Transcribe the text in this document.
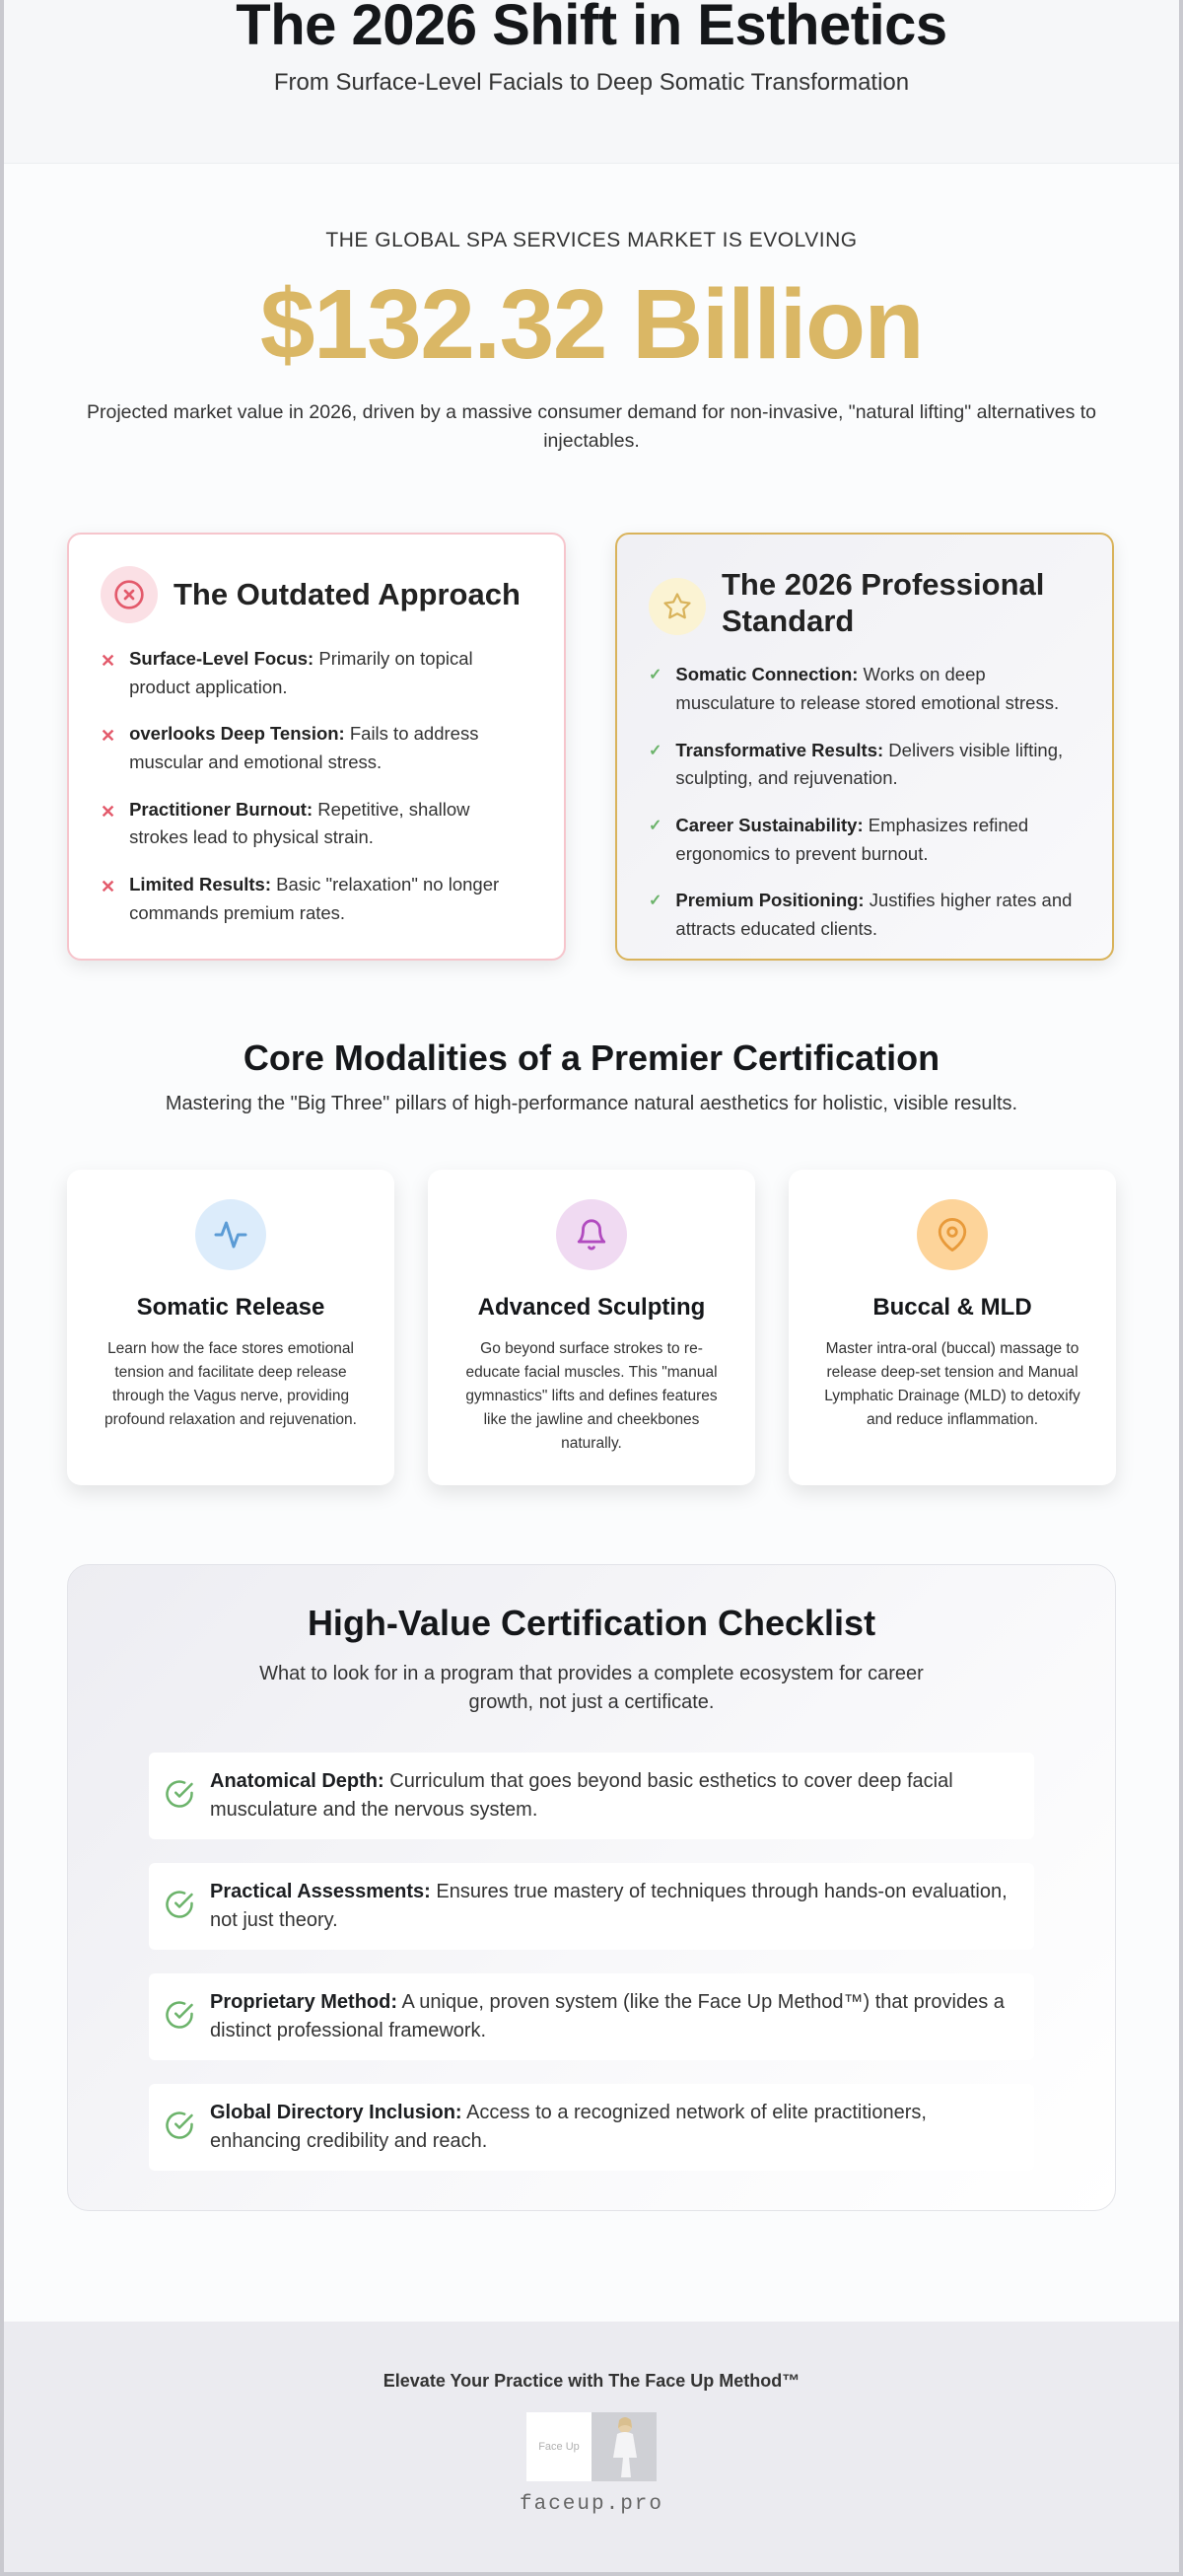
The 2026 Shift in Esthetics

From Surface-Level Facials to Deep Somatic Transformation

THE GLOBAL SPA SERVICES MARKET IS EVOLVING

$132.32 Billion

Projected market value in 2026, driven by a massive consumer demand for non-invasive, "natural lifting" alternatives to injectables.

The Outdated Approach
✕ Surface-Level Focus: Primarily on topical product application.
✕ overlooks Deep Tension: Fails to address muscular and emotional stress.
✕ Practitioner Burnout: Repetitive, shallow strokes lead to physical strain.
✕ Limited Results: Basic "relaxation" no longer commands premium rates.
The 2026 Professional Standard
✓ Somatic Connection: Works on deep musculature to release stored emotional stress.
✓ Transformative Results: Delivers visible lifting, sculpting, and rejuvenation.
✓ Career Sustainability: Emphasizes refined ergonomics to prevent burnout.
✓ Premium Positioning: Justifies higher rates and attracts educated clients.
Core Modalities of a Premier Certification

Mastering the "Big Three" pillars of high-performance natural aesthetics for holistic, visible results.

Somatic Release

Learn how the face stores emotional tension and facilitate deep release through the Vagus nerve, providing profound relaxation and rejuvenation.

Advanced Sculpting

Go beyond surface strokes to re-educate facial muscles. This "manual gymnastics" lifts and defines features like the jawline and cheekbones naturally.

Buccal & MLD

Master intra-oral (buccal) massage to release deep-set tension and Manual Lymphatic Drainage (MLD) to detoxify and reduce inflammation.

High-Value Certification Checklist

What to look for in a program that provides a complete ecosystem for career growth, not just a certificate.

Anatomical Depth: Curriculum that goes beyond basic esthetics to cover deep facial musculature and the nervous system.
Practical Assessments: Ensures true mastery of techniques through hands-on evaluation, not just theory.
Proprietary Method: A unique, proven system (like the Face Up Method™) that provides a distinct professional framework.
Global Directory Inclusion: Access to a recognized network of elite practitioners, enhancing credibility and reach.

Elevate Your Practice with The Face Up Method™

Face Up
faceup.pro
